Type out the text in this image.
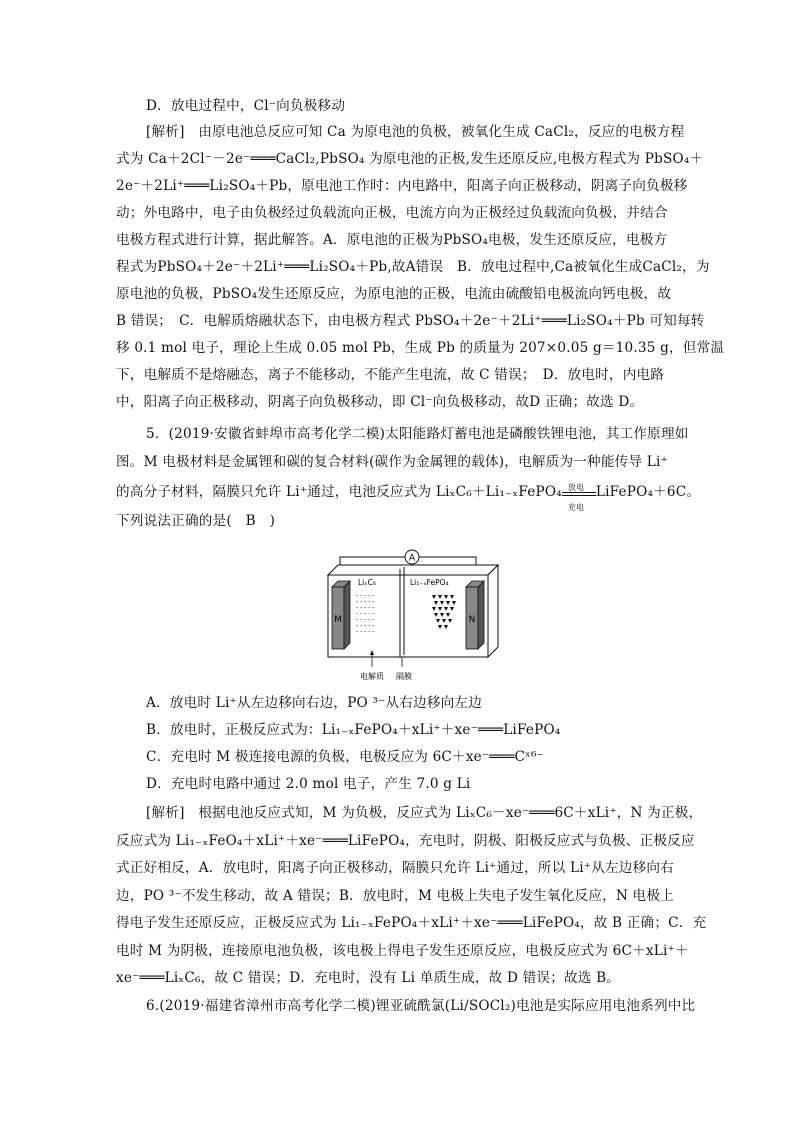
D．放电过程中，Cl⁻向负极移动
[解析]　由原电池总反应可知 Ca 为原电池的负极，被氧化生成 CaCl₂，反应的电极方程
式为 Ca＋2Cl⁻－2e⁻═══CaCl₂,PbSO₄ 为原电池的正极,发生还原反应,电极方程式为 PbSO₄＋
2e⁻＋2Li⁺═══Li₂SO₄＋Pb，原电池工作时：内电路中，阳离子向正极移动，阴离子向负极移
动；外电路中，电子由负极经过负载流向正极，电流方向为正极经过负载流向负极，并结合
电极方程式进行计算，据此解答。A．原电池的正极为PbSO₄电极，发生还原反应，电极方
程式为PbSO₄＋2e⁻＋2Li⁺═══Li₂SO₄＋Pb,故A错误　B．放电过程中,Ca被氧化生成CaCl₂，为
原电池的负极，PbSO₄发生还原反应，为原电池的正极，电流由硫酸铅电极流向钙电极，故
B 错误；　C．电解质熔融状态下，由电极方程式 PbSO₄＋2e⁻＋2Li⁺═══Li₂SO₄＋Pb 可知每转
移 0.1 mol 电子，理论上生成 0.05 mol Pb，生成 Pb 的质量为 207×0.05 g＝10.35 g，但常温
下，电解质不是熔融态，离子不能移动，不能产生电流，故 C 错误；　D．放电时，内电路
中，阳离子向正极移动，阴离子向负极移动，即 Cl⁻向负极移动，故D 正确；故选 D。
5．(2019·安徽省蚌埠市高考化学二模)太阳能路灯蓄电池是磷酸铁锂电池，其工作原理如
图。M 电极材料是金属锂和碳的复合材料(碳作为金属锂的载体)，电解质为一种能传导 Li⁺
的高分子材料，隔膜只允许 Li⁺通过，电池反应式为 LiₓC₆＋Li₁₋ₓFePO₄ 放电
充电
LiFePO₄＋6C。
下列说法正确的是(　B　)
A
M	N
LiₓC₆
- - - - -
- - - - -
- - - - -
- - - - -
- - - - -
- - - - -
- - - - -
Li₁₋ₓFePO₄
电解质 隔膜
A．放电时 Li⁺从左边移向右边，PO ³⁻从右边移向左边
B．放电时，正极反应式为：Li₁₋ₓFePO₄＋xLi⁺＋xe⁻═══LiFePO₄
C．充电时 M 极连接电源的负极，电极反应为 6C＋xe⁻═══Cˣ⁶⁻
D．充电时电路中通过 2.0 mol 电子，产生 7.0 g Li
[解析]　根据电池反应式知，M 为负极，反应式为 LiₓC₆－xe⁻═══6C＋xLi⁺，N 为正极，
反应式为 Li₁₋ₓFeO₄＋xLi⁺＋xe⁻═══LiFePO₄，充电时，阴极、阳极反应式与负极、正极反应
式正好相反，A．放电时，阳离子向正极移动，隔膜只允许 Li⁺通过，所以 Li⁺从左边移向右
边，PO ³⁻不发生移动，故 A 错误；B．放电时，M 电极上失电子发生氧化反应，N 电极上
得电子发生还原反应，正极反应式为 Li₁₋ₓFePO₄＋xLi⁺＋xe⁻═══LiFePO₄，故 B 正确；C．充
电时 M 为阴极，连接原电池负极，该电极上得电子发生还原反应，电极反应式为 6C＋xLi⁺＋
xe⁻═══LiₓC₆，故 C 错误；D．充电时，没有 Li 单质生成，故 D 错误；故选 B。
6.(2019·福建省漳州市高考化学二模)锂亚硫酰氯(Li/SOCl₂)电池是实际应用电池系列中比
